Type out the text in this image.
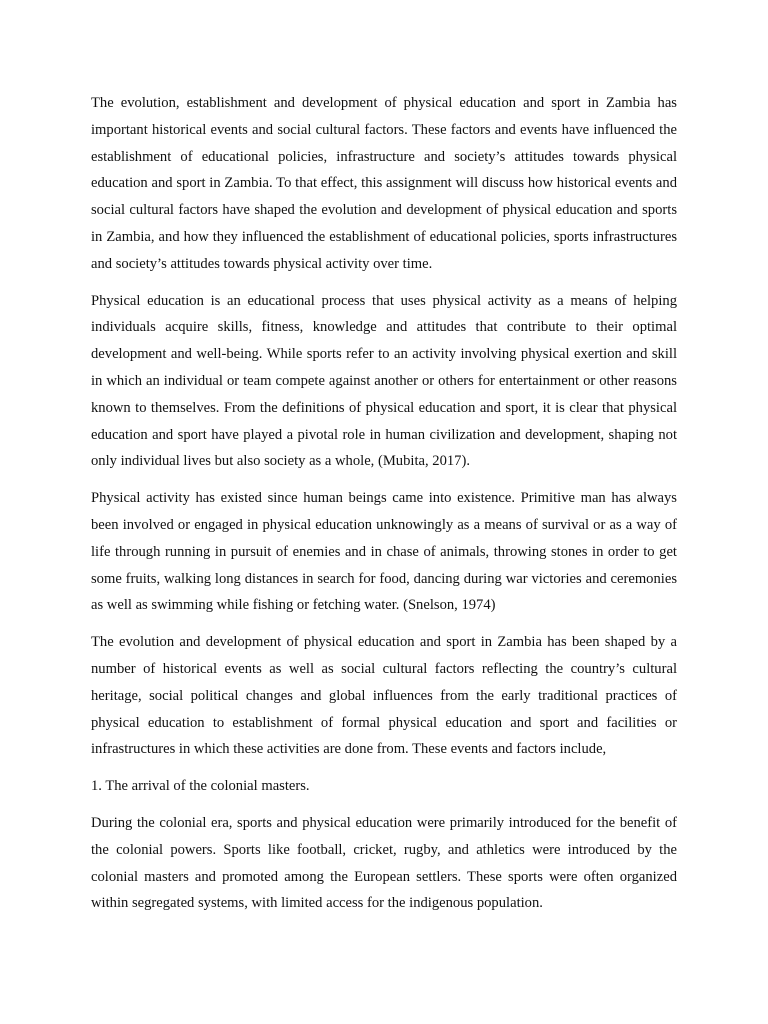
The evolution, establishment and development of physical education and sport in Zambia has important historical events and social cultural factors. These factors and events have influenced the establishment of educational policies, infrastructure and society’s attitudes towards physical education and sport in Zambia. To that effect, this assignment will discuss how historical events and social cultural factors have shaped the evolution and development of physical education and sports in Zambia, and how they influenced the establishment of educational policies, sports infrastructures and society’s attitudes towards physical activity over time.

Physical education is an educational process that uses physical activity as a means of helping individuals acquire skills, fitness, knowledge and attitudes that contribute to their optimal development and well-being. While sports refer to an activity involving physical exertion and skill in which an individual or team compete against another or others for entertainment or other reasons known to themselves. From the definitions of physical education and sport, it is clear that physical education and sport have played a pivotal role in human civilization and development, shaping not only individual lives but also society as a whole, (Mubita, 2017).

Physical activity has existed since human beings came into existence. Primitive man has always been involved or engaged in physical education unknowingly as a means of survival or as a way of life through running in pursuit of enemies and in chase of animals, throwing stones in order to get some fruits, walking long distances in search for food, dancing during war victories and ceremonies as well as swimming while fishing or fetching water. (Snelson, 1974)

The evolution and development of physical education and sport in Zambia has been shaped by a number of historical events as well as social cultural factors reflecting the country’s cultural heritage, social political changes and global influences from the early traditional practices of physical education to establishment of formal physical education and sport and facilities or infrastructures in which these activities are done from. These events and factors include,

1. The arrival of the colonial masters.

During the colonial era, sports and physical education were primarily introduced for the benefit of the colonial powers. Sports like football, cricket, rugby, and athletics were introduced by the colonial masters and promoted among the European settlers. These sports were often organized within segregated systems, with limited access for the indigenous population.
